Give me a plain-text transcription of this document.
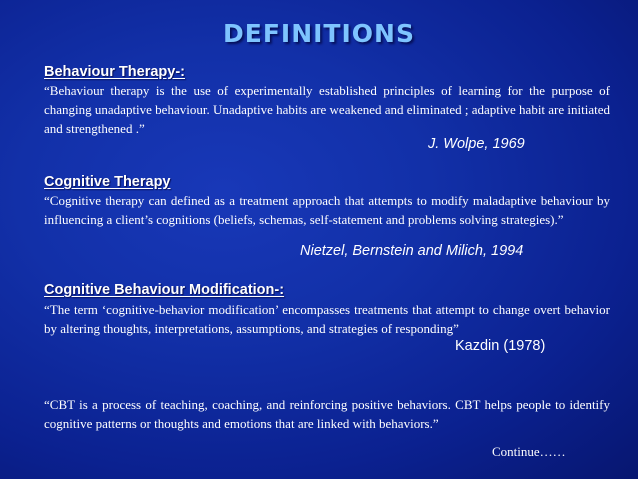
DEFINITIONS
Behaviour Therapy-:
“Behaviour therapy is the use of experimentally established principles of learning for the purpose of changing unadaptive behaviour. Unadaptive habits are weakened and eliminated ; adaptive habit are initiated and strengthened .”
J. Wolpe, 1969
Cognitive Therapy
“Cognitive therapy can defined as a treatment approach that attempts to modify maladaptive behaviour by influencing a client’s cognitions (beliefs, schemas, self-statement and problems solving strategies).”
Nietzel, Bernstein and Milich, 1994
Cognitive Behaviour Modification-:
“The term ‘cognitive-behavior modification’ encompasses treatments that attempt to change overt behavior by altering thoughts, interpretations, assumptions, and strategies of responding”
Kazdin (1978)
“CBT is a process of teaching, coaching, and reinforcing positive behaviors. CBT helps people to identify cognitive patterns or thoughts and emotions that are linked with behaviors.”
Continue……
